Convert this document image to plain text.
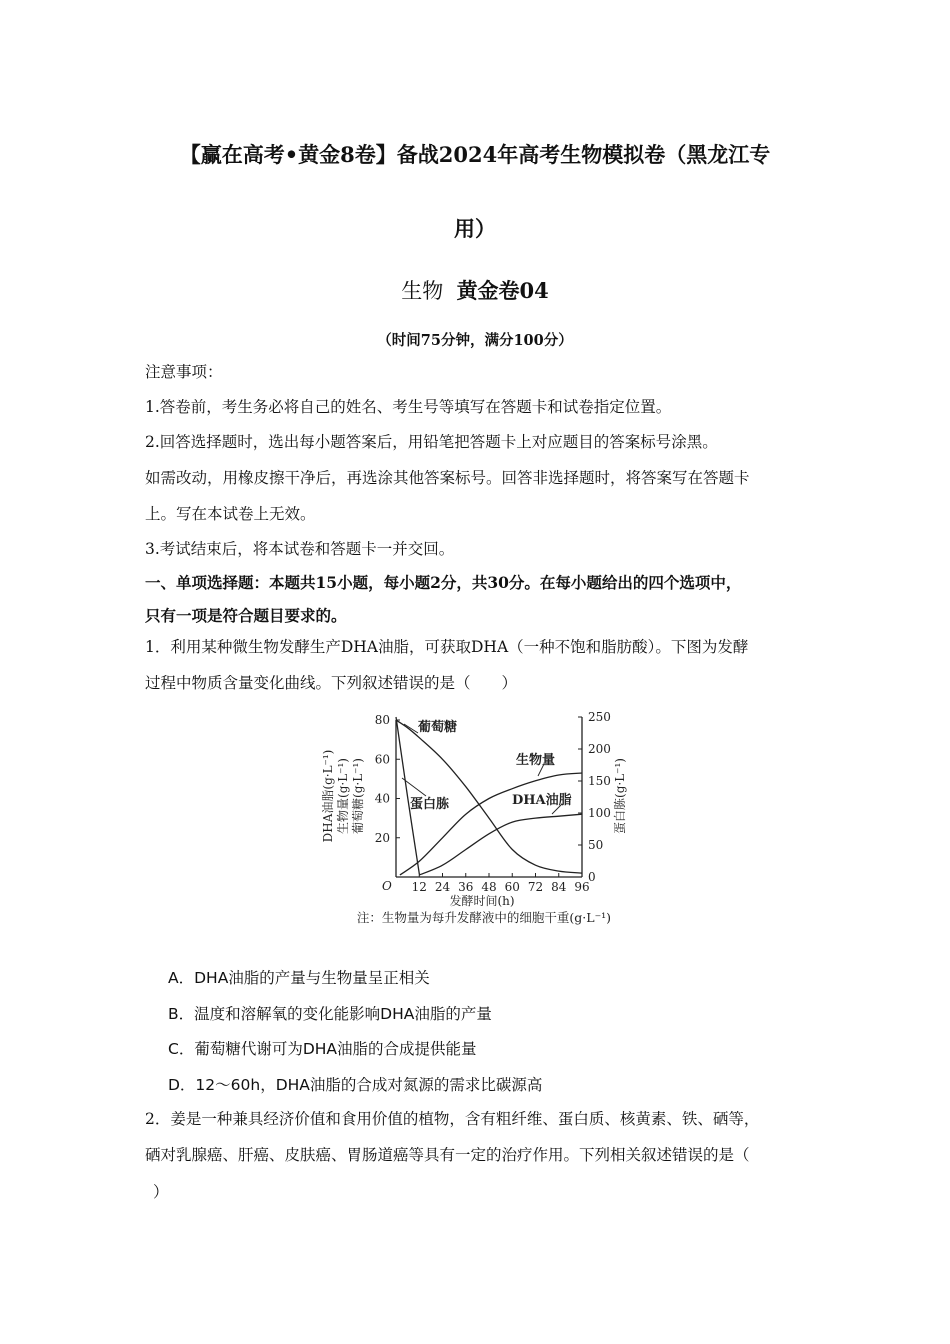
【赢在高考•黄金8卷】备战2024年高考生物模拟卷（黑龙江专
用）
生物 黄金卷04
（时间75分钟，满分100分）
注意事项：
1.答卷前，考生务必将自己的姓名、考生号等填写在答题卡和试卷指定位置。
2.回答选择题时，选出每小题答案后，用铅笔把答题卡上对应题目的答案标号涂黑。
如需改动，用橡皮擦干净后，再选涂其他答案标号。回答非选择题时，将答案写在答题卡
上。写在本试卷上无效。
3.考试结束后，将本试卷和答题卡一并交回。
一、单项选择题：本题共15小题，每小题2分，共30分。在每小题给出的四个选项中，
只有一项是符合题目要求的。
1．利用某种微生物发酵生产DHA油脂，可获取DHA（一种不饱和脂肪酸）。下图为发酵
过程中物质含量变化曲线。下列叙述错误的是（　　）
20
40
60
80
0
50
100
150
200
250
12 24 36 48 60 72 84 96
O
发酵时间(h)
DHA油脂(g·L⁻¹) 生物量(g·L⁻¹) 葡萄糖(g·L⁻¹)	蛋白胨(g·L⁻¹)
葡萄糖
蛋白胨
生物量
DHA油脂
注：生物量为每升发酵液中的细胞干重(g·L⁻¹)
A．DHA油脂的产量与生物量呈正相关
B．温度和溶解氧的变化能影响DHA油脂的产量
C．葡萄糖代谢可为DHA油脂的合成提供能量
D．12～60h，DHA油脂的合成对氮源的需求比碳源高
2．姜是一种兼具经济价值和食用价值的植物，含有粗纤维、蛋白质、核黄素、铁、硒等，
硒对乳腺癌、肝癌、皮肤癌、胃肠道癌等具有一定的治疗作用。下列相关叙述错误的是（
）
